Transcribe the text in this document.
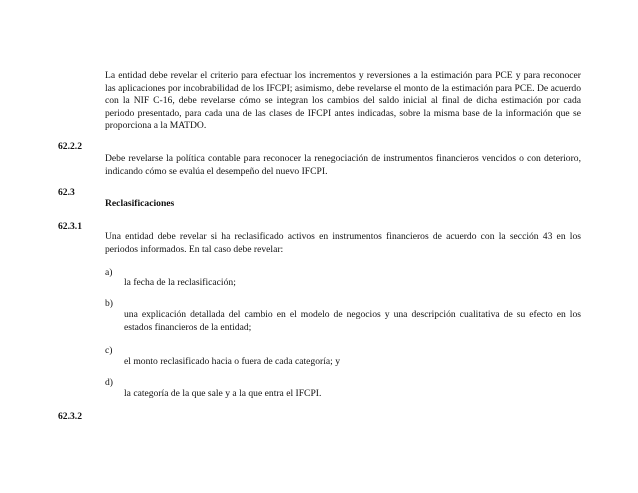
La entidad debe revelar el criterio para efectuar los incrementos y reversiones a la estimación para PCE y para reconocer las aplicaciones por incobrabilidad de los IFCPI; asimismo, debe revelarse el monto de la estimación para PCE. De acuerdo con la NIF C-16, debe revelarse cómo se integran los cambios del saldo inicial al final de dicha estimación por cada periodo presentado, para cada una de las clases de IFCPI antes indicadas, sobre la misma base de la información que se proporciona a la MATDO.

62.2.2

Debe revelarse la política contable para reconocer la renegociación de instrumentos financieros vencidos o con deterioro, indicando cómo se evalúa el desempeño del nuevo IFCPI.

62.3

Reclasificaciones

62.3.1

Una entidad debe revelar si ha reclasificado activos en instrumentos financieros de acuerdo con la sección 43 en los periodos informados. En tal caso debe revelar:

a)

la fecha de la reclasificación;

b)

una explicación detallada del cambio en el modelo de negocios y una descripción cualitativa de su efecto en los estados financieros de la entidad;

c)

el monto reclasificado hacia o fuera de cada categoría; y

d)

la categoría de la que sale y a la que entra el IFCPI.

62.3.2
